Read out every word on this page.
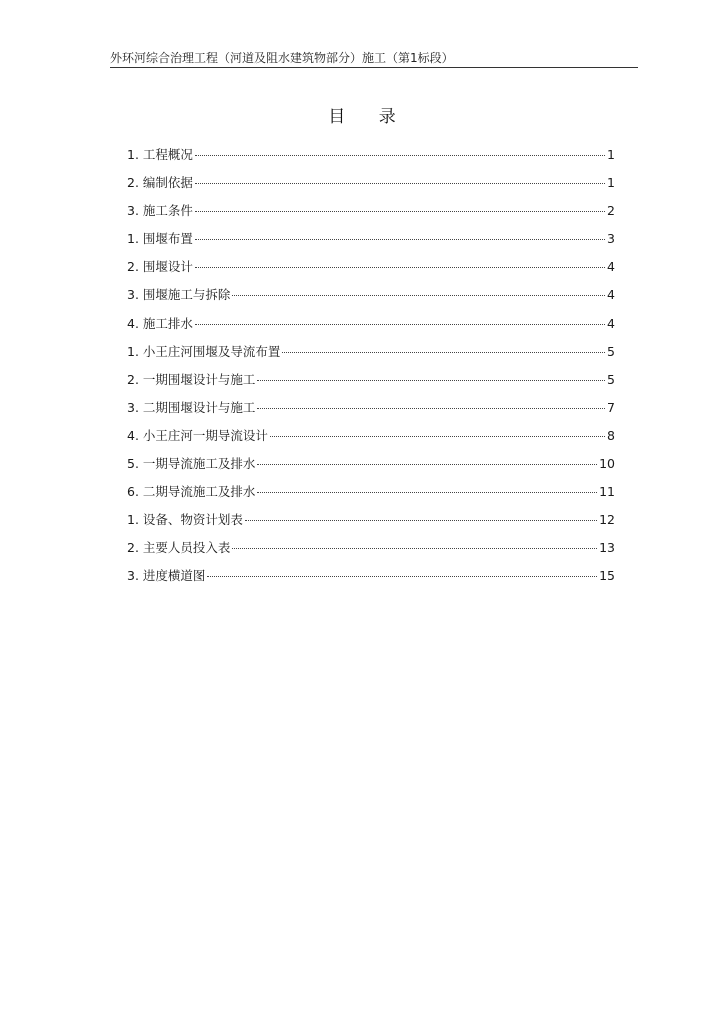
外环河综合治理工程（河道及阻水建筑物部分）施工（第1标段）
目 录
1. 工程概况	1
2. 编制依据	1
3. 施工条件	2
1. 围堰布置	3
2. 围堰设计	4
3. 围堰施工与拆除	4
4. 施工排水	4
1. 小王庄河围堰及导流布置	5
2. 一期围堰设计与施工	5
3. 二期围堰设计与施工	7
4. 小王庄河一期导流设计	8
5. 一期导流施工及排水	10
6. 二期导流施工及排水	11
1. 设备、物资计划表	12
2. 主要人员投入表	13
3. 进度横道图	15
